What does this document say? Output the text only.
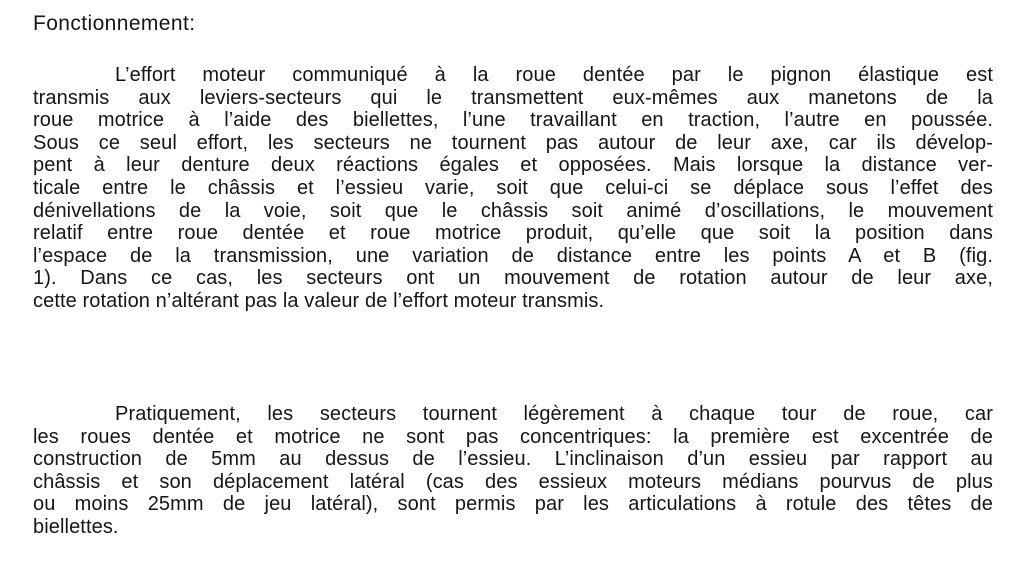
Fonctionnement:

L’effort moteur communiqué à la roue dentée par le pignon élastique est
transmis aux leviers-secteurs qui le transmettent eux-mêmes aux manetons de la
roue motrice à l’aide des biellettes, l’une travaillant en traction, l’autre en poussée.
Sous ce seul effort, les secteurs ne tournent pas autour de leur axe, car ils dévelop-
pent à leur denture deux réactions égales et opposées. Mais lorsque la distance ver-
ticale entre le châssis et l’essieu varie, soit que celui-ci se déplace sous l’effet des
dénivellations de la voie, soit que le châssis soit animé d’oscillations, le mouvement
relatif entre roue dentée et roue motrice produit, qu’elle que soit la position dans
l’espace de la transmission, une variation de distance entre les points A et B (fig.
1). Dans ce cas, les secteurs ont un mouvement de rotation autour de leur axe,
cette rotation n’altérant pas la valeur de l’effort moteur transmis.

Pratiquement, les secteurs tournent légèrement à chaque tour de roue, car
les roues dentée et motrice ne sont pas concentriques: la première est excentrée de
construction de 5mm au dessus de l’essieu. L’inclinaison d’un essieu par rapport au
châssis et son déplacement latéral (cas des essieux moteurs médians pourvus de plus
ou moins 25mm de jeu latéral), sont permis par les articulations à rotule des têtes de
biellettes.
